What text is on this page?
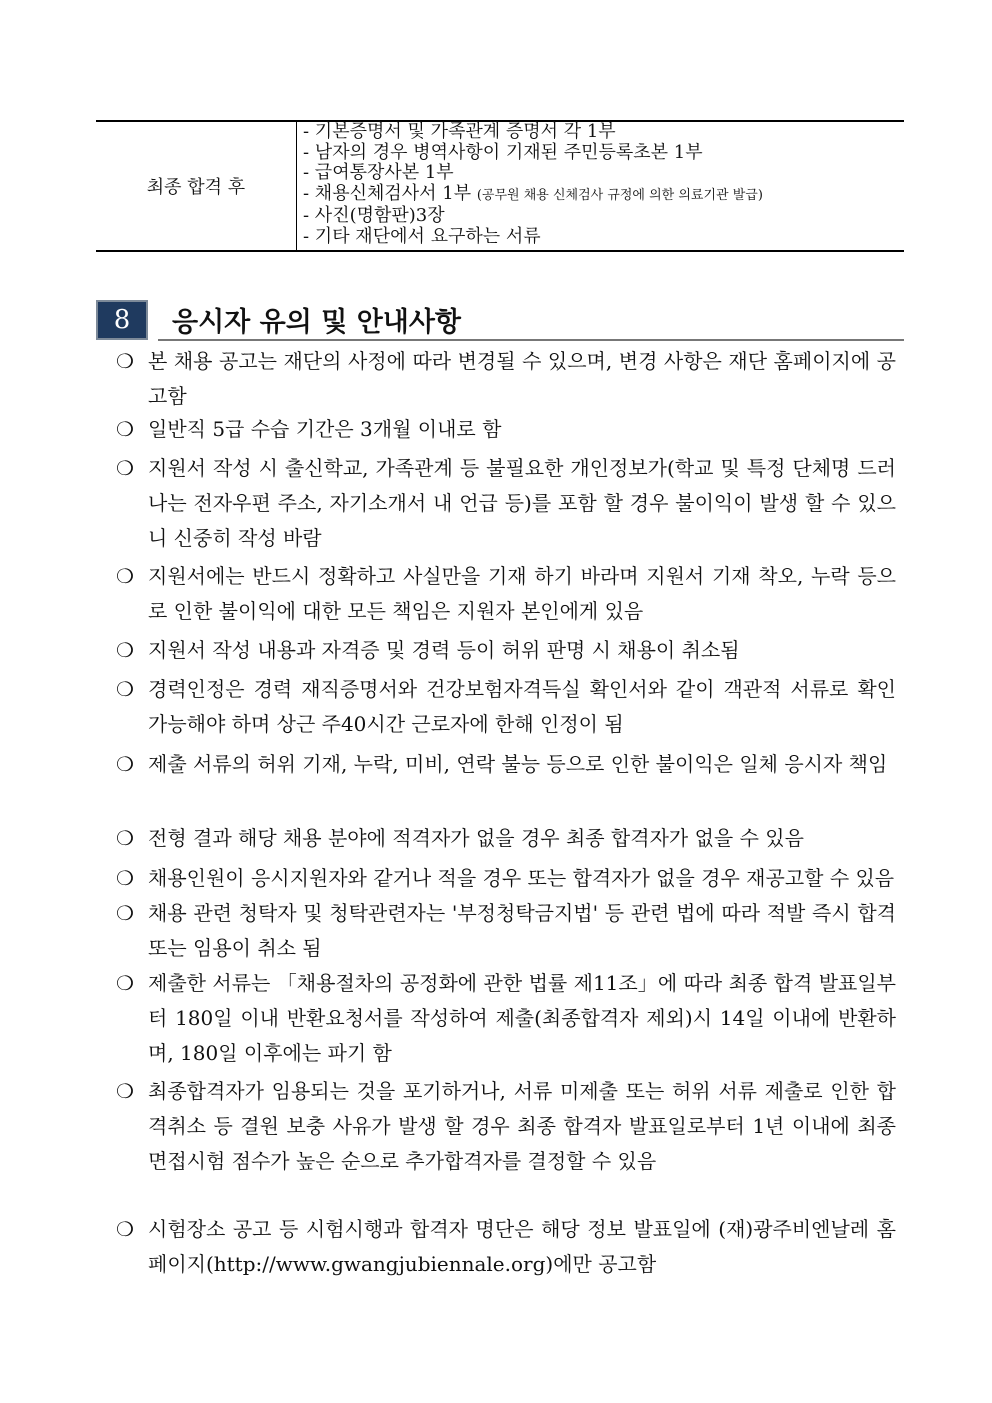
최종 합격 후
- 기본증명서 및 가족관계 증명서 각 1부
- 남자의 경우 병역사항이 기재된 주민등록초본 1부
- 급여통장사본 1부
- 채용신체검사서 1부 (공무원 채용 신체검사 규정에 의한 의료기관 발급)
- 사진(명함판)3장
- 기타 재단에서 요구하는 서류
8	응시자 유의 및 안내사항
❍ 본 채용 공고는 재단의 사정에 따라 변경될 수 있으며, 변경 사항은 재단 홈페이지에 공고함
❍ 일반직 5급 수습 기간은 3개월 이내로 함
❍ 지원서 작성 시 출신학교, 가족관계 등 불필요한 개인정보가(학교 및 특정 단체명 드러나는 전자우편 주소, 자기소개서 내 언급 등)를 포함 할 경우 불이익이 발생 할 수 있으니 신중히 작성 바람
❍ 지원서에는 반드시 정확하고 사실만을 기재 하기 바라며 지원서 기재 착오, 누락 등으로 인한 불이익에 대한 모든 책임은 지원자 본인에게 있음
❍ 지원서 작성 내용과 자격증 및 경력 등이 허위 판명 시 채용이 취소됨
❍ 경력인정은 경력 재직증명서와 건강보험자격득실 확인서와 같이 객관적 서류로 확인 가능해야 하며 상근 주40시간 근로자에 한해 인정이 됨
❍ 제출 서류의 허위 기재, 누락, 미비, 연락 불능 등으로 인한 불이익은 일체 응시자 책임
❍ 전형 결과 해당 채용 분야에 적격자가 없을 경우 최종 합격자가 없을 수 있음
❍ 채용인원이 응시지원자와 같거나 적을 경우 또는 합격자가 없을 경우 재공고할 수 있음
❍ 채용 관련 청탁자 및 청탁관련자는 '부정청탁금지법' 등 관련 법에 따라 적발 즉시 합격 또는 임용이 취소 됨
❍ 제출한 서류는 「채용절차의 공정화에 관한 법률 제11조」에 따라 최종 합격 발표일부터 180일 이내 반환요청서를 작성하여 제출(최종합격자 제외)시 14일 이내에 반환하며, 180일 이후에는 파기 함
❍ 최종합격자가 임용되는 것을 포기하거나, 서류 미제출 또는 허위 서류 제출로 인한 합격취소 등 결원 보충 사유가 발생 할 경우 최종 합격자 발표일로부터 1년 이내에 최종 면접시험 점수가 높은 순으로 추가합격자를 결정할 수 있음
❍ 시험장소 공고 등 시험시행과 합격자 명단은 해당 정보 발표일에 (재)광주비엔날레 홈페이지(http://www.gwangjubiennale.org)에만 공고함
